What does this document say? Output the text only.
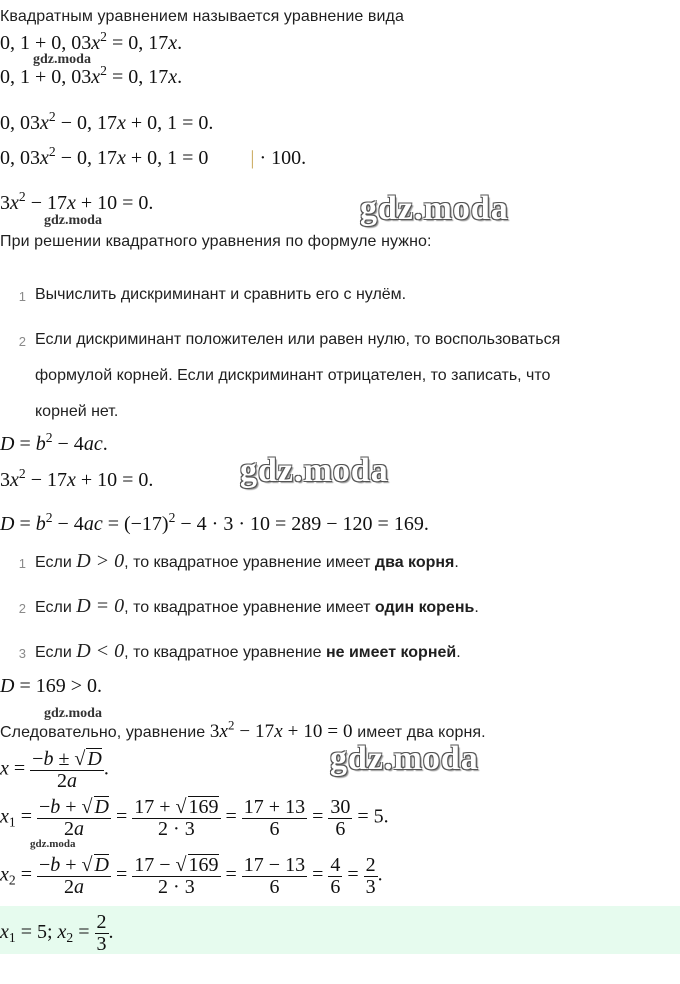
Квадратным уравнением называется уравнение вида
0, 1 + 0, $03x^2 = 0$, 17x.
0, 1 + 0, $03x^2 = 0$, 17x.
0, $03x^2 - 0$, 17x + 0, 1 = 0.
0, $03x^2 - 0$, 17x + 0, 1 = 0 | · 100.
$3x^2 - 17x + 10 = 0$.
При решении квадратного уравнения по формуле нужно:
1 Вычислить дискриминант и сравнить его с нулём.
2 Если дискриминант положителен или равен нулю, то воспользоваться
формулой корней. Если дискриминант отрицателен, то записать, что
корней нет.
$D = b^2 - 4ac$.
$3x^2 - 17x + 10 = 0$.
$D = b^2 - 4ac = (-17)^2 - 4 \cdot 3 \cdot 10 = 289 - 120 = 169$.
1 Если D > 0, то квадратное уравнение имеет два корня.
2 Если D = 0, то квадратное уравнение имеет один корень.
3 Если D < 0, то квадратное уравнение не имеет корней.
D = 169 > 0.
Следовательно, уравнение $3x^2 - 17x + 10 = 0$ имеет два корня.
$x = \frac{-b \pm √ D}{2a}$ .
$x_1 = \frac{-b + √ D}{2a} = \frac{17 + √ 169}{2 \cdot 3} = \frac{17 + 13}{6} = \frac{30}{6} = 5$.
$x_2 = \frac{-b + √ D}{2a} = \frac{17 - √ 169}{2 \cdot 3} = \frac{17 - 13}{6} = \frac{4}{6} = \frac{2}{3}$ .
$x_1 = 5$; $x_2 = \frac{2}{3}$ .
gdz.moda
gdz.moda
gdz.moda
gdz.moda
gdz.moda
gdz.moda
gdz.moda
